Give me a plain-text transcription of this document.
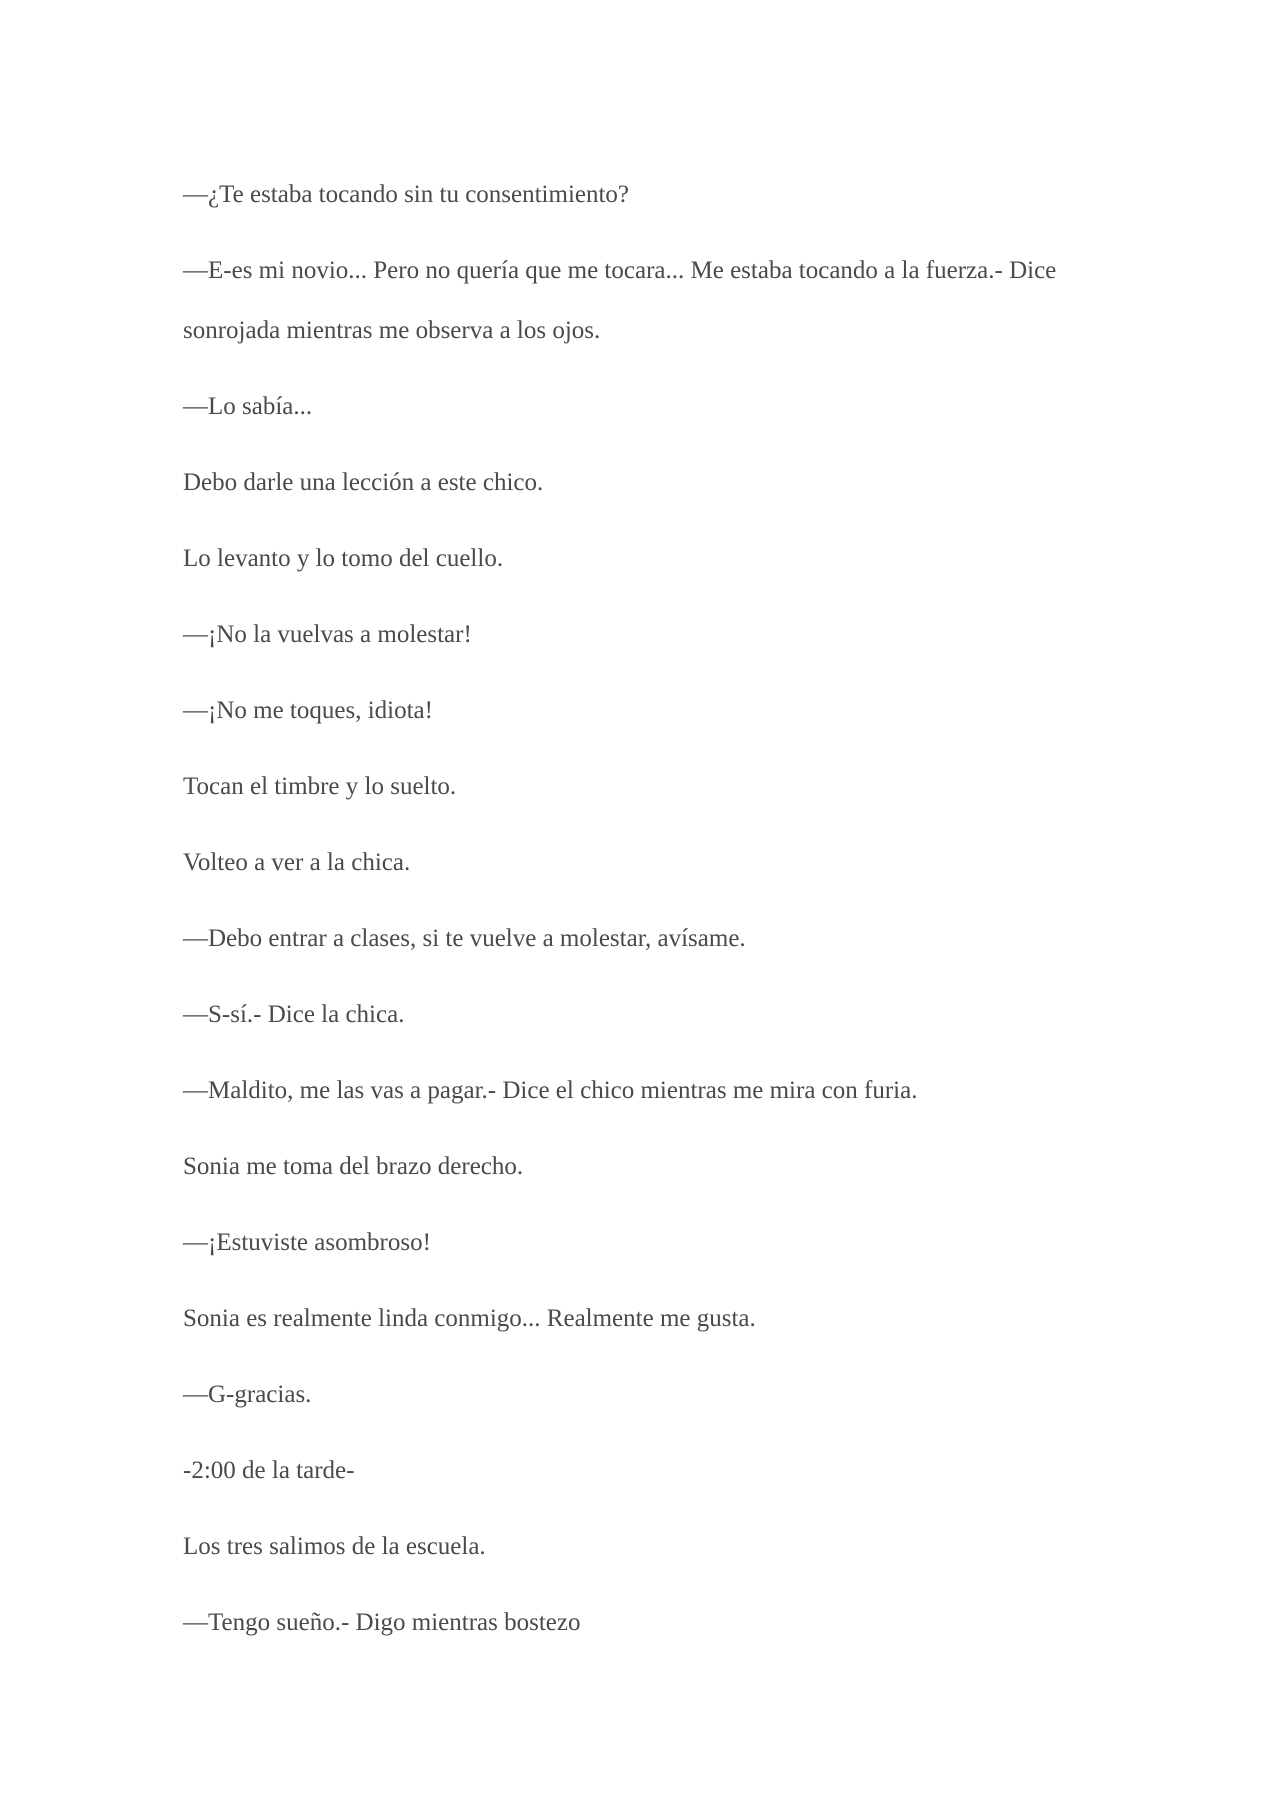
—¿Te estaba tocando sin tu consentimiento?

—E-es mi novio... Pero no quería que me tocara... Me estaba tocando a la fuerza.- Dice sonrojada mientras me observa a los ojos.

—Lo sabía...

Debo darle una lección a este chico.

Lo levanto y lo tomo del cuello.

—¡No la vuelvas a molestar!

—¡No me toques, idiota!

Tocan el timbre y lo suelto.

Volteo a ver a la chica.

—Debo entrar a clases, si te vuelve a molestar, avísame.

—S-sí.- Dice la chica.

—Maldito, me las vas a pagar.- Dice el chico mientras me mira con furia.

Sonia me toma del brazo derecho.

—¡Estuviste asombroso!

Sonia es realmente linda conmigo... Realmente me gusta.

—G-gracias.

-2:00 de la tarde-

Los tres salimos de la escuela.

—Tengo sueño.- Digo mientras bostezo
